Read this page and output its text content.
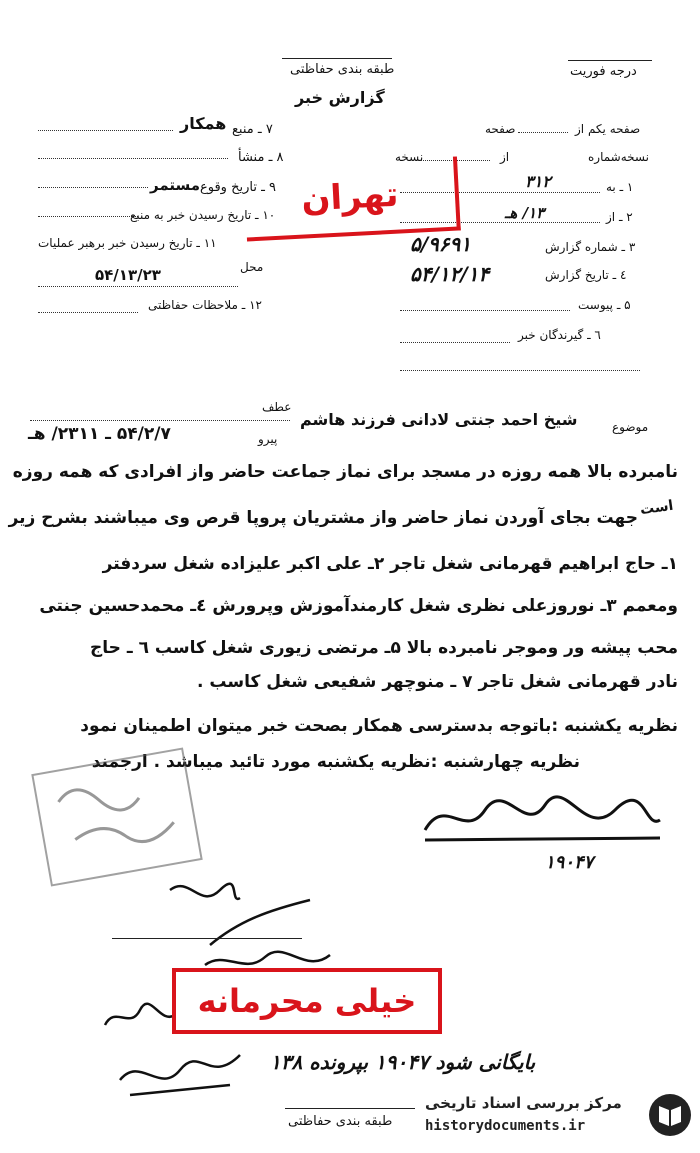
طبقه بندی حفاظتی
گزارش خبر
درجه فوریت
همکار ۷ ـ منبع
۸ ـ منشأ
مستمر ۹ ـ تاریخ وقوع
۱۰ ـ تاریخ رسیدن خبر به منبع
۱۱ ـ تاریخ رسیدن خبر برهبر عملیات
محل
۵۴/۱۳/۲۳
۱۲ ـ ملاحظات حفاظتی
صفحه یکم از
صفحه
نسخه‌شماره
از
نسخه
۱ ـ به
۳۱۲
۲ ـ از
۱۳/ هـ
۳ ـ شماره گزارش
۵/۹۶۹۱
٤ ـ تاریخ گزارش
۵۴/۱۲/۱۴
۵ ـ پیوست
٦ ـ گیرندگان خبر
تهران
عطف
موضوع
شیخ احمد جنتی لادانی فرزند هاشم
پیرو
۵۴/۲/۷ ـ ۲۳۱۱/ هـ
نامبرده بالا همه روزه در مسجد برای نماز جماعت حاضر واز افرادی که همه روزه
است
جهت بجای آوردن نماز حاضر واز مشتریان پروپا قرص وی میباشند بشرح زیر
۱ـ حاج ابراهیم قهرمانی شغل تاجر ۲ـ علی اکبر علیزاده شغل سردفتر
ومعمم ۳ـ نوروزعلی نظری شغل کارمندآموزش وپرورش ٤ـ محمدحسین جنتی
محب پیشه ور وموجر نامبرده بالا ۵ـ مرتضی زیوری شغل کاسب ٦ ـ حاج
نادر قهرمانی شغل تاجر ۷ ـ منوچهر شفیعی شغل کاسب .
نظریه یکشنبه :باتوجه بدسترسی همکار بصحت خبر میتوان اطمینان نمود
نظریه چهارشنبه :نظریه یکشنبه مورد تائید میباشد . ارجمند
۱۹۰۴۷
خیلی محرمانه
بایگانی شود ۱۹۰۴۷ بپرونده ۱۳۸
طبقه بندی حفاظتی
مرکز بررسی اسناد تاریخی
historydocuments.ir
